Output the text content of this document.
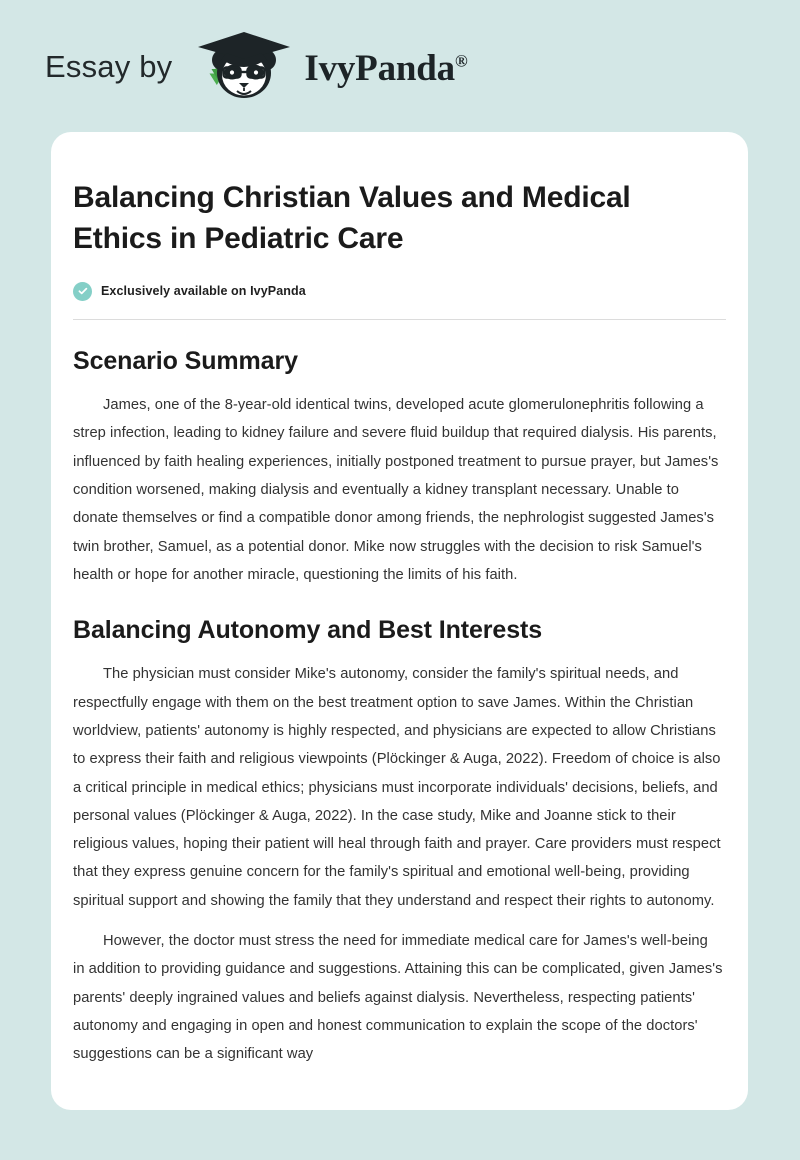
Essay by	IvyPanda®
Balancing Christian Values and Medical Ethics in Pediatric Care
Exclusively available on IvyPanda
Scenario Summary

James, one of the 8-year-old identical twins, developed acute glomerulonephritis following a strep infection, leading to kidney failure and severe fluid buildup that required dialysis. His parents, influenced by faith healing experiences, initially postponed treatment to pursue prayer, but James's condition worsened, making dialysis and eventually a kidney transplant necessary. Unable to donate themselves or find a compatible donor among friends, the nephrologist suggested James's twin brother, Samuel, as a potential donor. Mike now struggles with the decision to risk Samuel's health or hope for another miracle, questioning the limits of his faith.

Balancing Autonomy and Best Interests

The physician must consider Mike's autonomy, consider the family's spiritual needs, and respectfully engage with them on the best treatment option to save James. Within the Christian worldview, patients' autonomy is highly respected, and physicians are expected to allow Christians to express their faith and religious viewpoints (Plöckinger & Auga, 2022). Freedom of choice is also a critical principle in medical ethics; physicians must incorporate individuals' decisions, beliefs, and personal values (Plöckinger & Auga, 2022). In the case study, Mike and Joanne stick to their religious values, hoping their patient will heal through faith and prayer. Care providers must respect that they express genuine concern for the family's spiritual and emotional well-being, providing spiritual support and showing the family that they understand and respect their rights to autonomy.

However, the doctor must stress the need for immediate medical care for James's well-being in addition to providing guidance and suggestions. Attaining this can be complicated, given James's parents' deeply ingrained values and beliefs against dialysis. Nevertheless, respecting patients' autonomy and engaging in open and honest communication to explain the scope of the doctors' suggestions can be a significant way
